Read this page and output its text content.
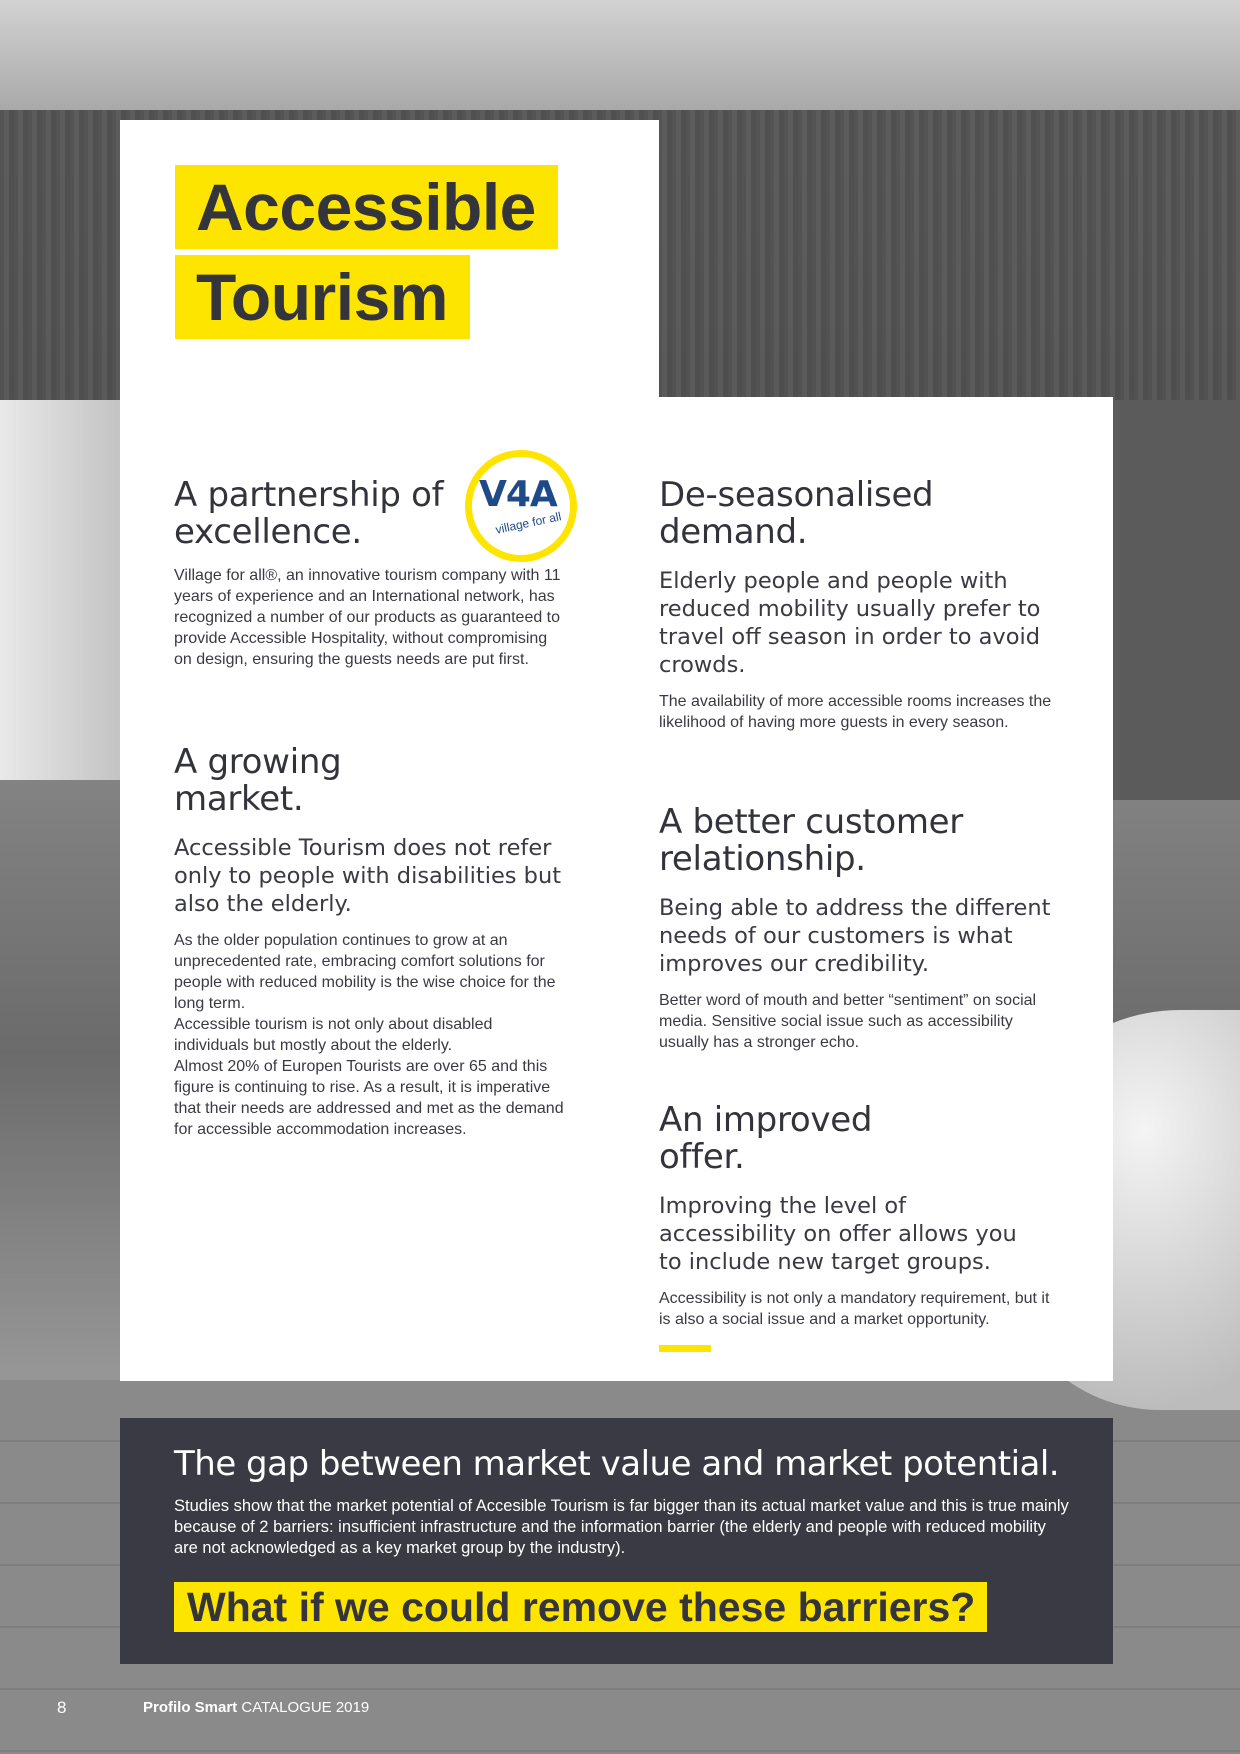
Accessible
Tourism
V4A
village for all
A partnership of excellence.

Village for all®, an innovative tourism company with 11 years of experience and an International network, has recognized a number of our products as guaranteed to provide Accessible Hospitality, without compromising on design, ensuring the guests needs are put first.

A growing market.

Accessible Tourism does not refer only to people with disabilities but also the elderly.

As the older population continues to grow at an unprecedented rate, embracing comfort solutions for people with reduced mobility is the wise choice for the long term.

Accessible tourism is not only about disabled individuals but mostly about the elderly.

Almost 20% of Europen Tourists are over 65 and this figure is continuing to rise. As a result, it is imperative that their needs are addressed and met as the demand for accessible accommodation increases.

De-seasonalised demand.

Elderly people and people with reduced mobility usually prefer to travel off season in order to avoid crowds.

The availability of more accessible rooms increases the likelihood of having more guests in every season.

A better customer relationship.

Being able to address the different needs of our customers is what improves our credibility.

Better word of mouth and better “sentiment” on social media. Sensitive social issue such as accessibility usually has a stronger echo.

An improved offer.

Improving the level of accessibility on offer allows you to include new target groups.

Accessibility is not only a mandatory requirement, but it is also a social issue and a market opportunity.

The gap between market value and market potential.
Studies show that the market potential of Accesible Tourism is far bigger than its actual market value and this is true mainly because of 2 barriers: insufficient infrastructure and the information barrier (the elderly and people with reduced mobility are not acknowledged as a key market group by the industry).
What if we could remove these barriers?
8	Profilo Smart CATALOGUE 2019
